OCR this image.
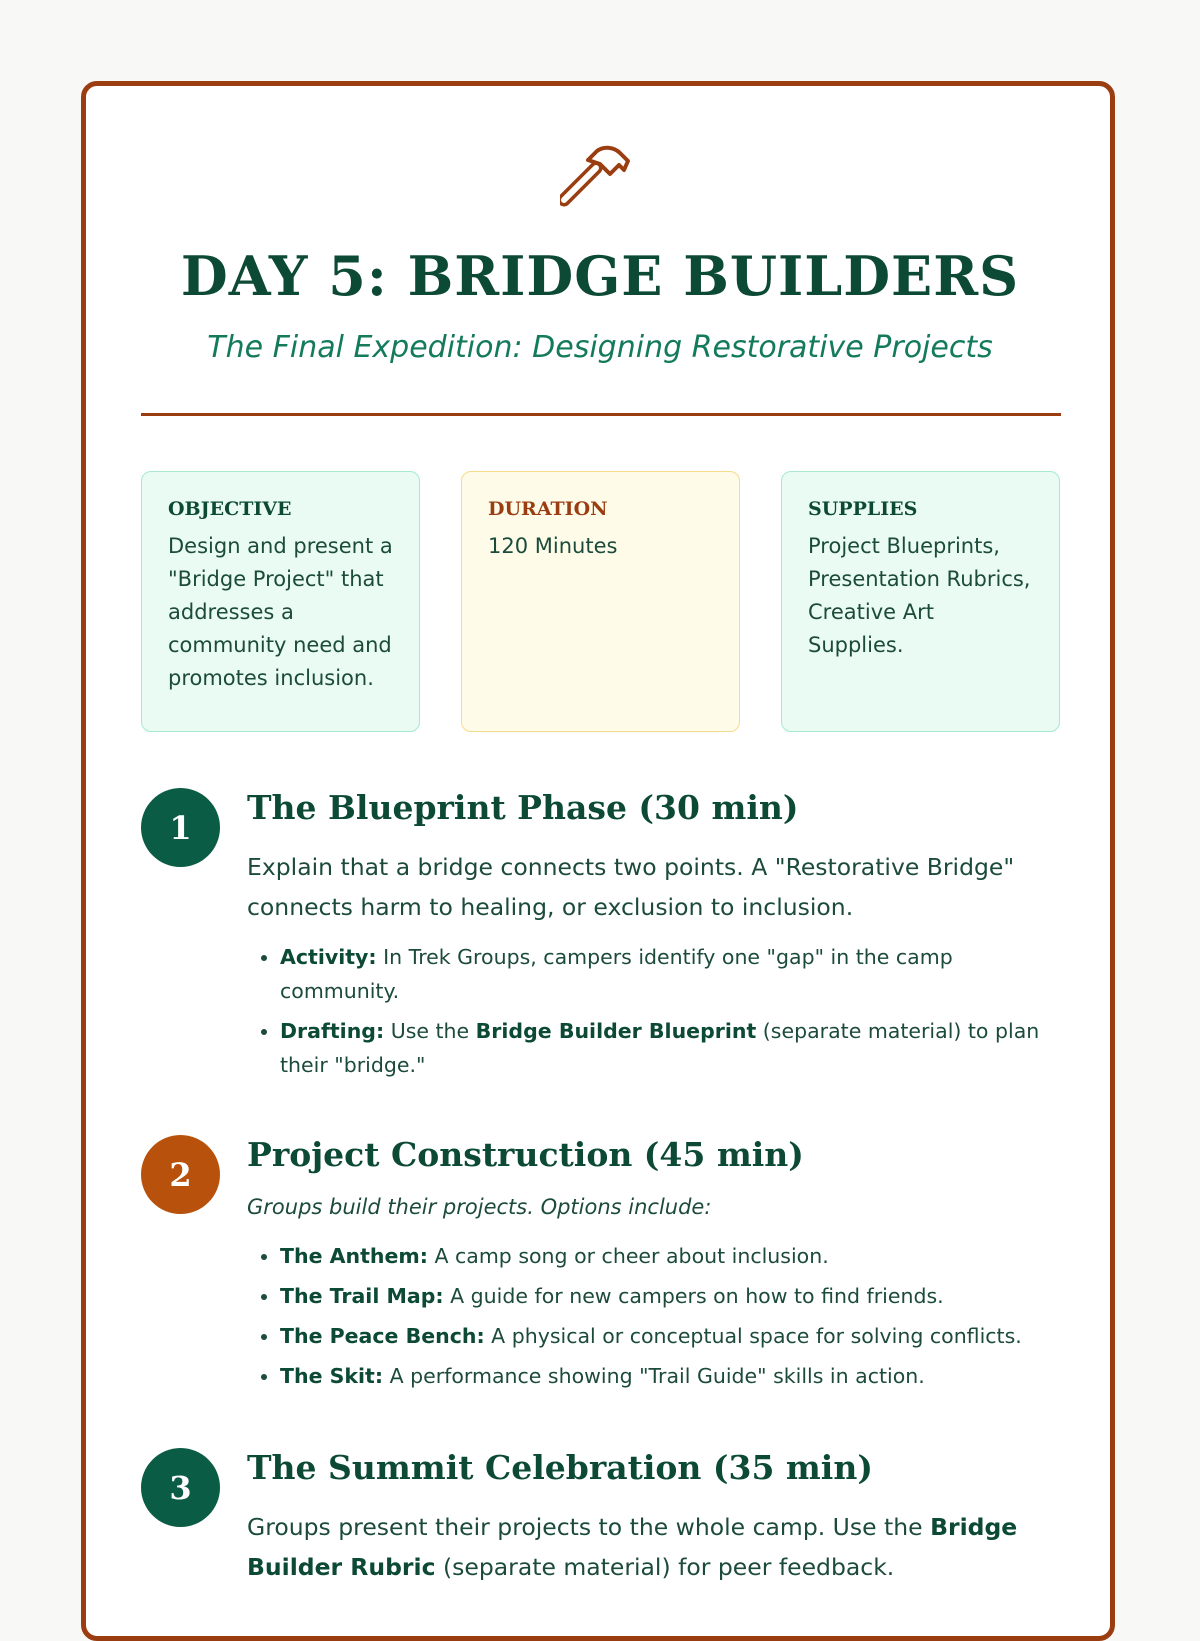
DAY 5: BRIDGE BUILDERS

The Final Expedition: Designing Restorative Projects

OBJECTIVE
Design and present a "Bridge Project" that addresses a community need and promotes inclusion.
DURATION
120 Minutes
SUPPLIES
Project Blueprints, Presentation Rubrics, Creative Art Supplies.
1
The Blueprint Phase (30 min)

Explain that a bridge connects two points. A "Restorative Bridge" connects harm to healing, or exclusion to inclusion.

• Activity: In Trek Groups, campers identify one "gap" in the camp community.
• Drafting: Use the Bridge Builder Blueprint (separate material) to plan their "bridge."
2
Project Construction (45 min)

Groups build their projects. Options include:

• The Anthem: A camp song or cheer about inclusion.
• The Trail Map: A guide for new campers on how to find friends.
• The Peace Bench: A physical or conceptual space for solving conflicts.
• The Skit: A performance showing "Trail Guide" skills in action.
3
The Summit Celebration (35 min)

Groups present their projects to the whole camp. Use the Bridge Builder Rubric (separate material) for peer feedback.
